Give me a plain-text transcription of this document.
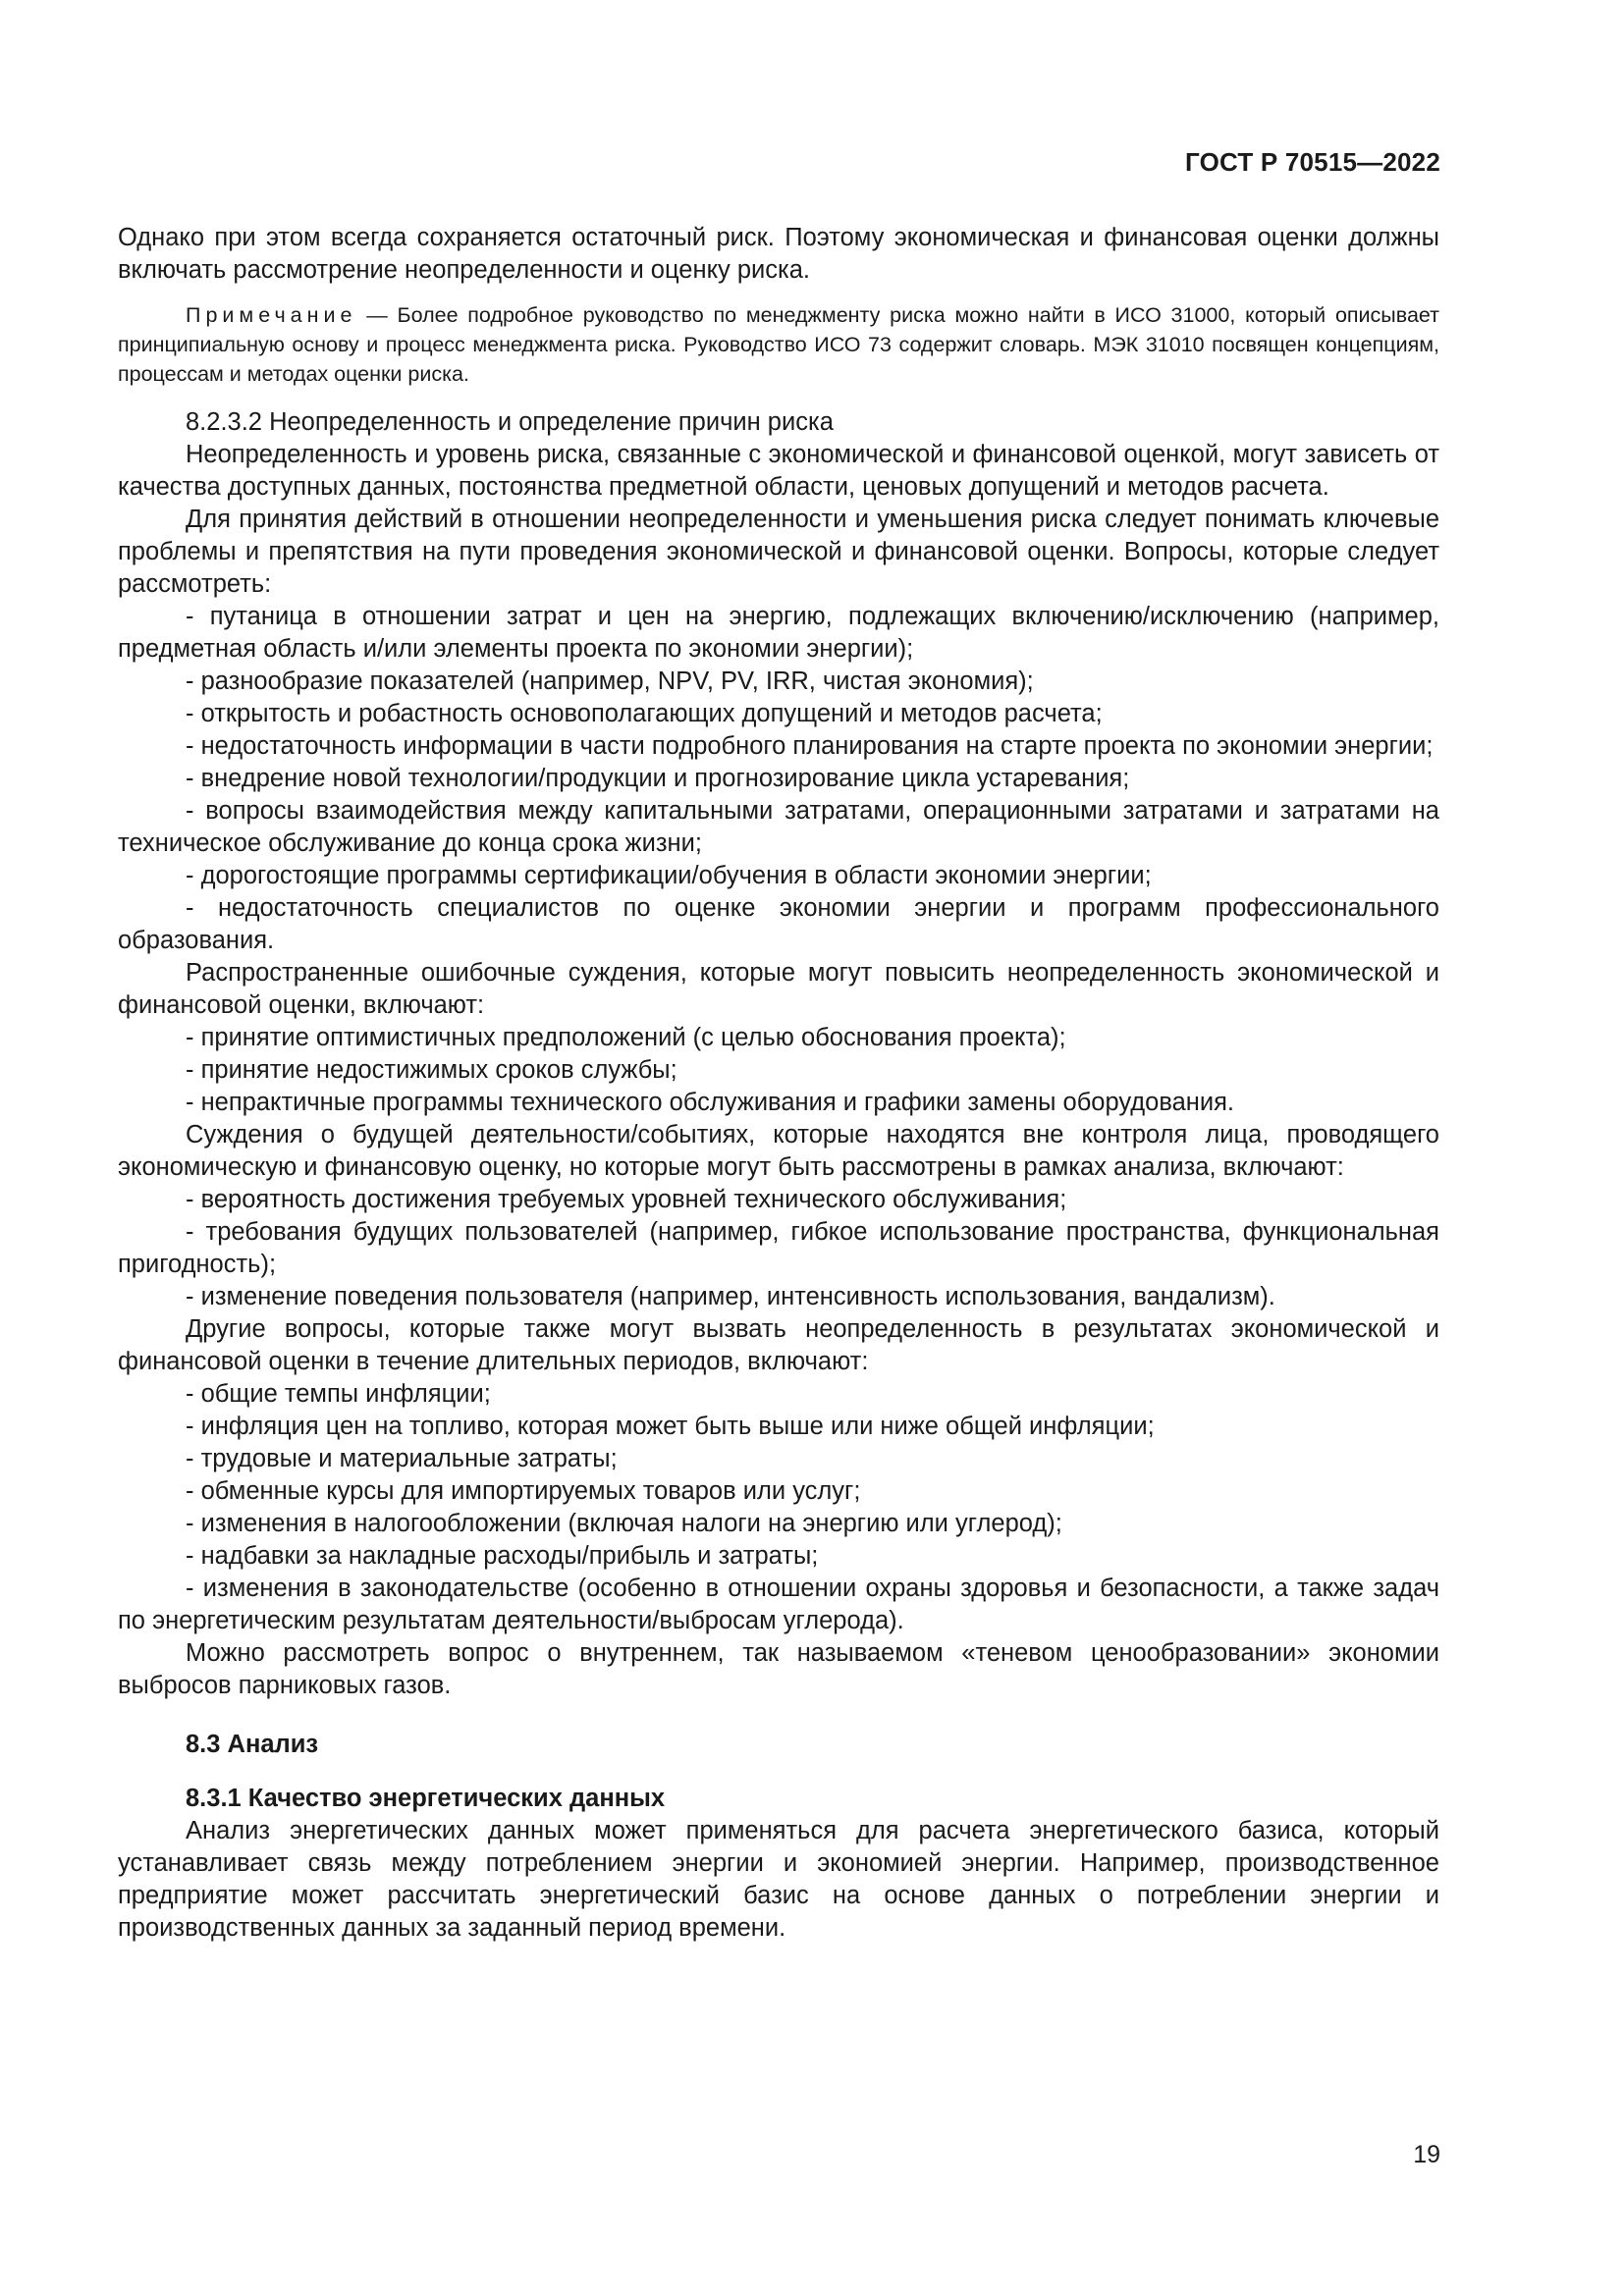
ГОСТ Р 70515—2022

Однако при этом всегда сохраняется остаточный риск. Поэтому экономическая и финансовая оценки должны включать рассмотрение неопределенности и оценку риска.

Примечание — Более подробное руководство по менеджменту риска можно найти в ИСО 31000, который описывает принципиальную основу и процесс менеджмента риска. Руководство ИСО 73 содержит словарь. МЭК 31010 посвящен концепциям, процессам и методах оценки риска.

8.2.3.2 Неопределенность и определение причин риска

Неопределенность и уровень риска, связанные с экономической и финансовой оценкой, могут зависеть от качества доступных данных, постоянства предметной области, ценовых допущений и методов расчета.

Для принятия действий в отношении неопределенности и уменьшения риска следует понимать ключевые проблемы и препятствия на пути проведения экономической и финансовой оценки. Вопросы, которые следует рассмотреть:

- путаница в отношении затрат и цен на энергию, подлежащих включению/исключению (например, предметная область и/или элементы проекта по экономии энергии);

- разнообразие показателей (например, NPV, PV, IRR, чистая экономия);

- открытость и робастность основополагающих допущений и методов расчета;

- недостаточность информации в части подробного планирования на старте проекта по экономии энергии;

- внедрение новой технологии/продукции и прогнозирование цикла устаревания;

- вопросы взаимодействия между капитальными затратами, операционными затратами и затратами на техническое обслуживание до конца срока жизни;

- дорогостоящие программы сертификации/обучения в области экономии энергии;

- недостаточность специалистов по оценке экономии энергии и программ профессионального образования.

Распространенные ошибочные суждения, которые могут повысить неопределенность экономической и финансовой оценки, включают:

- принятие оптимистичных предположений (с целью обоснования проекта);

- принятие недостижимых сроков службы;

- непрактичные программы технического обслуживания и графики замены оборудования.

Суждения о будущей деятельности/событиях, которые находятся вне контроля лица, проводящего экономическую и финансовую оценку, но которые могут быть рассмотрены в рамках анализа, включают:

- вероятность достижения требуемых уровней технического обслуживания;

- требования будущих пользователей (например, гибкое использование пространства, функциональная пригодность);

- изменение поведения пользователя (например, интенсивность использования, вандализм).

Другие вопросы, которые также могут вызвать неопределенность в результатах экономической и финансовой оценки в течение длительных периодов, включают:

- общие темпы инфляции;

- инфляция цен на топливо, которая может быть выше или ниже общей инфляции;

- трудовые и материальные затраты;

- обменные курсы для импортируемых товаров или услуг;

- изменения в налогообложении (включая налоги на энергию или углерод);

- надбавки за накладные расходы/прибыль и затраты;

- изменения в законодательстве (особенно в отношении охраны здоровья и безопасности, а также задач по энергетическим результатам деятельности/выбросам углерода).

Можно рассмотреть вопрос о внутреннем, так называемом «теневом ценообразовании» экономии выбросов парниковых газов.

8.3 Анализ

8.3.1 Качество энергетических данных

Анализ энергетических данных может применяться для расчета энергетического базиса, который устанавливает связь между потреблением энергии и экономией энергии. Например, производственное предприятие может рассчитать энергетический базис на основе данных о потреблении энергии и производственных данных за заданный период времени.

19
